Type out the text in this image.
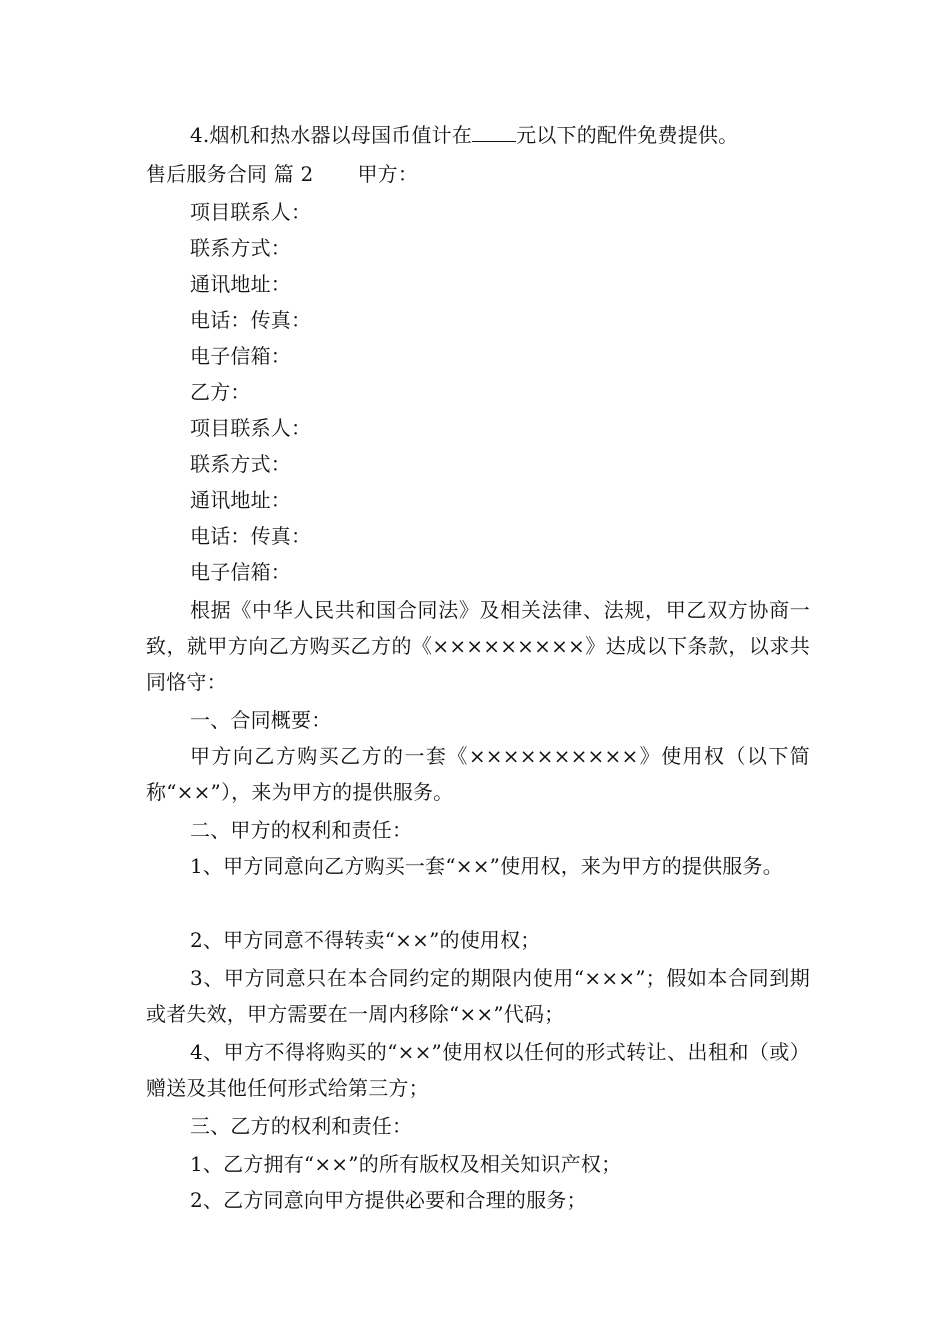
4.烟机和热水器以母国币值计在 元以下的配件免费提供。
售后服务合同 篇 2 甲方：
项目联系人：
联系方式：
通讯地址：
电话：传真：
电子信箱：
乙方：
项目联系人：
联系方式：
通讯地址：
电话：传真：
电子信箱：
根据《中华人民共和国合同法》及相关法律、法规，甲乙双方协商一致，就甲方向乙方购买乙方的《×××××××××》达成以下条款，以求共同恪守：
一、合同概要：
甲方向乙方购买乙方的一套《××××××××××》使用权（以下简称“××”），来为甲方的提供服务。
二、甲方的权利和责任：
1、甲方同意向乙方购买一套“××”使用权，来为甲方的提供服务。
2、甲方同意不得转卖“××”的使用权；
3、甲方同意只在本合同约定的期限内使用“×××”；假如本合同到期或者失效，甲方需要在一周内移除“××”代码；
4、甲方不得将购买的“××”使用权以任何的形式转让、出租和（或）赠送及其他任何形式给第三方；
三、乙方的权利和责任：
1、乙方拥有“××”的所有版权及相关知识产权；
2、乙方同意向甲方提供必要和合理的服务；
